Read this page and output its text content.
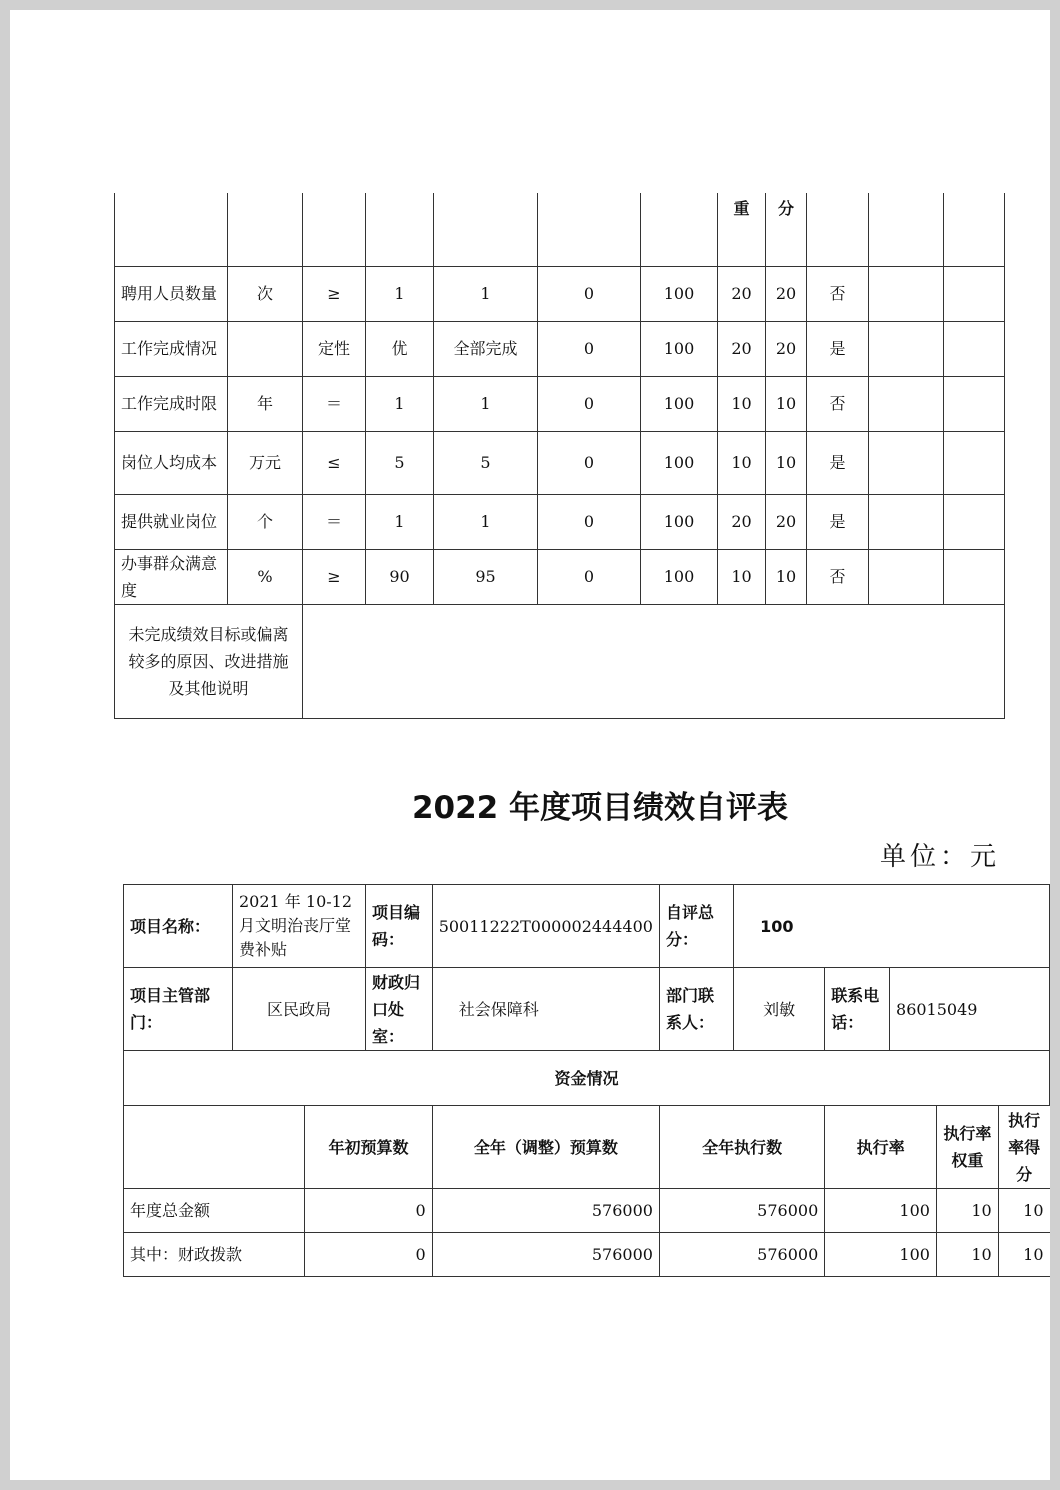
							重	分			
聘用人员数量	次	≥	1	1	0	100	20	20	否		
工作完成情况		定性	优	全部完成	0	100	20	20	是		
工作完成时限	年	＝	1	1	0	100	10	10	否		
岗位人均成本	万元	≤	5	5	0	100	10	10	是		
提供就业岗位	个	＝	1	1	0	100	20	20	是		
办事群众满意度	%	≥	90	95	0	100	10	10	否		
未完成绩效目标或偏离较多的原因、改进措施及其他说明											
2022 年度项目绩效自评表
单位：元
项目名称：	2021 年 10-12 月文明治丧厅堂费补贴		项目编码：	50011222T000002444400	自评总分：	100				
项目主管部门：	区民政局		财政归口处室：	社会保障科	部门联系人：	刘敏	联系电话：	86015049		
资金情况										
		年初预算数		全年（调整）预算数	全年执行数		执行率		执行率权重	执行率得分
年度总金额		0		576000	576000		100		10	10
其中：财政拨款		0		576000	576000		100		10	10
